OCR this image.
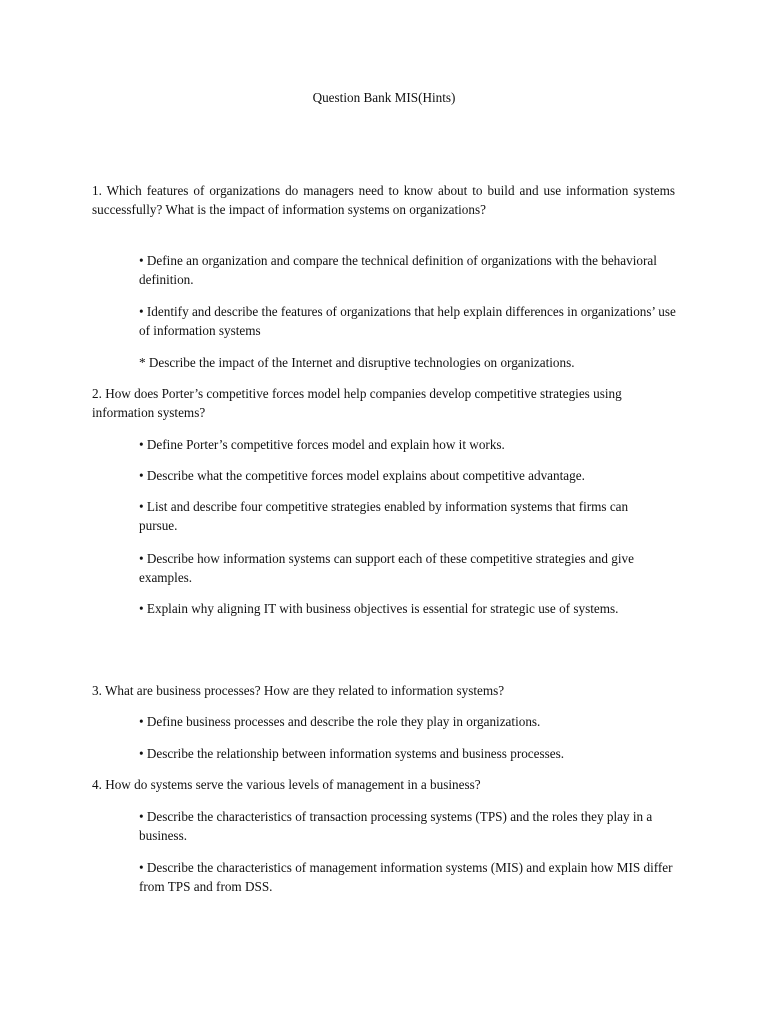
Question Bank MIS(Hints)

1. Which features of organizations do managers need to know about to build and use information systems successfully? What is the impact of information systems on organizations?

• Define an organization and compare the technical definition of organizations with the behavioral definition.

• Identify and describe the features of organizations that help explain differences in organizations’ use of information systems

* Describe the impact of the Internet and disruptive technologies on organizations.

2. How does Porter’s competitive forces model help companies develop competitive strategies using information systems?

• Define Porter’s competitive forces model and explain how it works.

• Describe what the competitive forces model explains about competitive advantage.

• List and describe four competitive strategies enabled by information systems that firms can pursue.

• Describe how information systems can support each of these competitive strategies and give examples.

• Explain why aligning IT with business objectives is essential for strategic use of systems.

3. What are business processes? How are they related to information systems?

• Define business processes and describe the role they play in organizations.

• Describe the relationship between information systems and business processes.

4. How do systems serve the various levels of management in a business?

• Describe the characteristics of transaction processing systems (TPS) and the roles they play in a business.

• Describe the characteristics of management information systems (MIS) and explain how MIS differ from TPS and from DSS.
